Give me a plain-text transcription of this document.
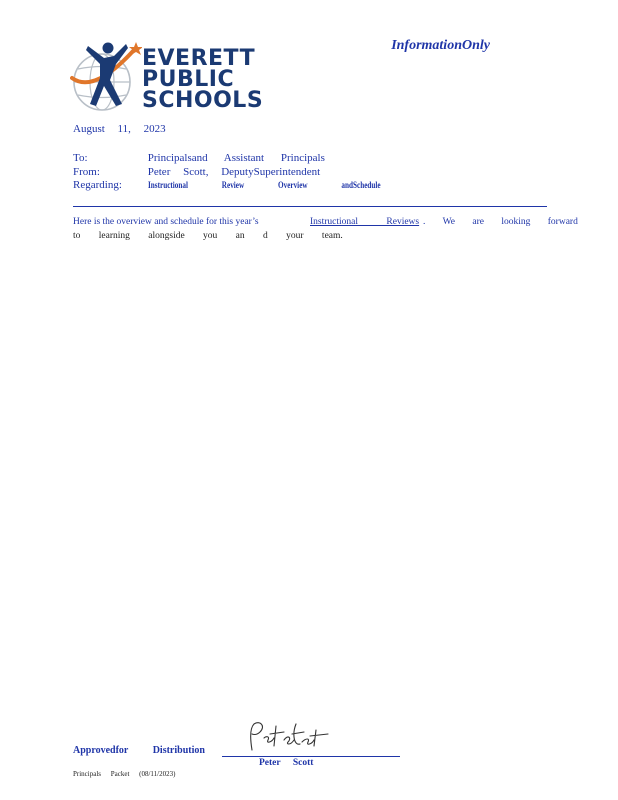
EVERETT
PUBLIC
SCHOOLS
InformationOnly
August 11, 2023
To:	Principalsand Assistant Principals
From:	Peter Scott, DeputySuperintendent
Regarding:	Instructional Review Overview andSchedule
Here is the overview and schedule for this year’s	Instructional Reviews . We are looking forward
to learning alongside you an d your team.
Approvedfor Distribution
Peter Scott
Principals Packet (08/11/2023)
